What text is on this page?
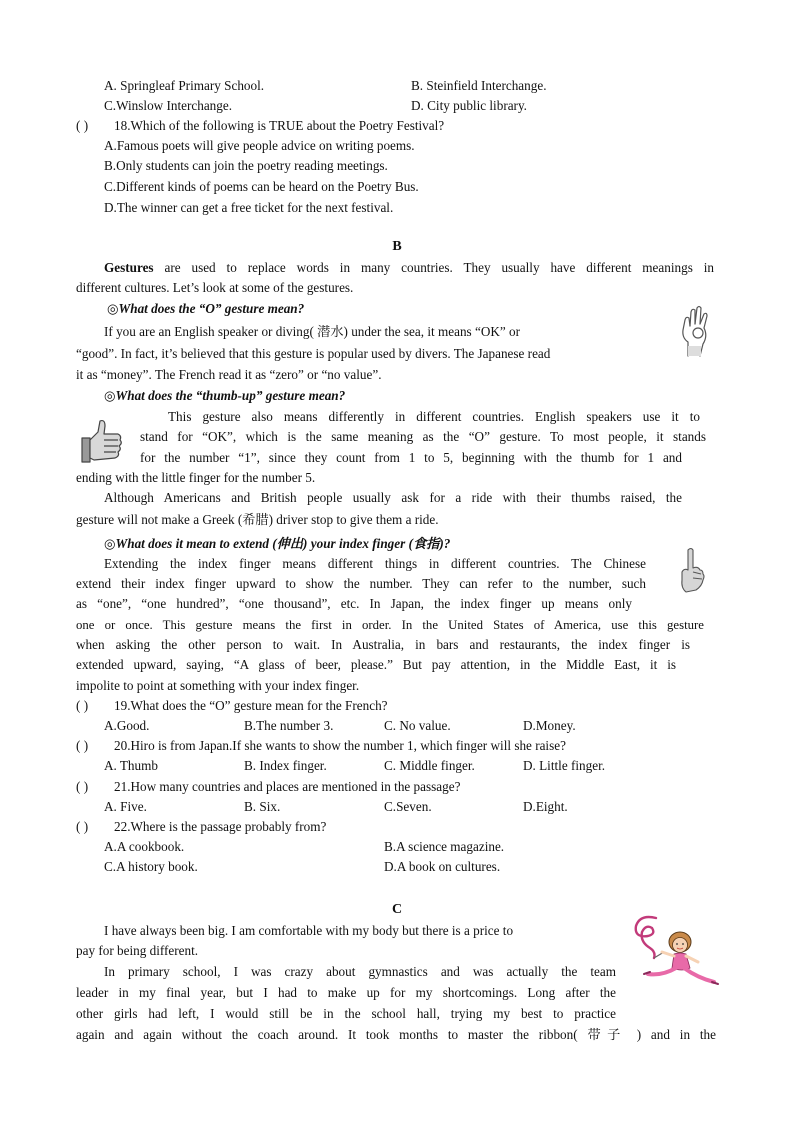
A. Springleaf Primary School.	B. Steinfield Interchange.
C.Winslow Interchange.	D. City public library.
( ) 18.Which of the following is TRUE about the Poetry Festival?
A.Famous poets will give people advice on writing poems.
B.Only students can join the poetry reading meetings.
C.Different kinds of poems can be heard on the Poetry Bus.
D.The winner can get a free ticket for the next festival.
B
Gestures are used to replace words in many countries. They usually have different meanings in
different cultures. Let’s look at some of the gestures.
◎What does the “O” gesture mean?
If you are an English speaker or diving( 潜水) under the sea, it means “OK” or
“good”. In fact, it’s believed that this gesture is popular used by divers. The Japanese read
it as “money”. The French read it as “zero” or “no value”.
◎What does the “thumb-up” gesture mean?
This gesture also means differently in different countries. English speakers use it to
stand for “OK”, which is the same meaning as the “O” gesture. To most people, it stands
for the number “1”, since they count from 1 to 5, beginning with the thumb for 1 and
ending with the little finger for the number 5.
Although Americans and British people usually ask for a ride with their thumbs raised, the
gesture will not make a Greek (希腊) driver stop to give them a ride.
◎What does it mean to extend (伸出) your index finger (食指)?
Extending the index finger means different things in different countries. The Chinese
extend their index finger upward to show the number. They can refer to the number, such
as “one”, “one hundred”, “one thousand”, etc. In Japan, the index finger up means only
one or once. This gesture means the first in order. In the United States of America, use this gesture
when asking the other person to wait. In Australia, in bars and restaurants, the index finger is
extended upward, saying, “A glass of beer, please.” But pay attention, in the Middle East, it is
impolite to point at something with your index finger.
( ) 19.What does the “O” gesture mean for the French?
A.Good.	B.The number 3.	C. No value.	D.Money.
( ) 20.Hiro is from Japan.If she wants to show the number 1, which finger will she raise?
A. Thumb	B. Index finger.	C. Middle finger.	D. Little finger.
( ) 21.How many countries and places are mentioned in the passage?
A. Five.	B. Six.	C.Seven.	D.Eight.
( ) 22.Where is the passage probably from?
A.A cookbook.	B.A science magazine.
C.A history book.	D.A book on cultures.
C
I have always been big. I am comfortable with my body but there is a price to
pay for being different.
In primary school, I was crazy about gymnastics and was actually the team
leader in my final year, but I had to make up for my shortcomings. Long after the
other girls had left, I would still be in the school hall, trying my best to practice
again and again without the coach around. It took months to master the ribbon( 带子 ) and in the
